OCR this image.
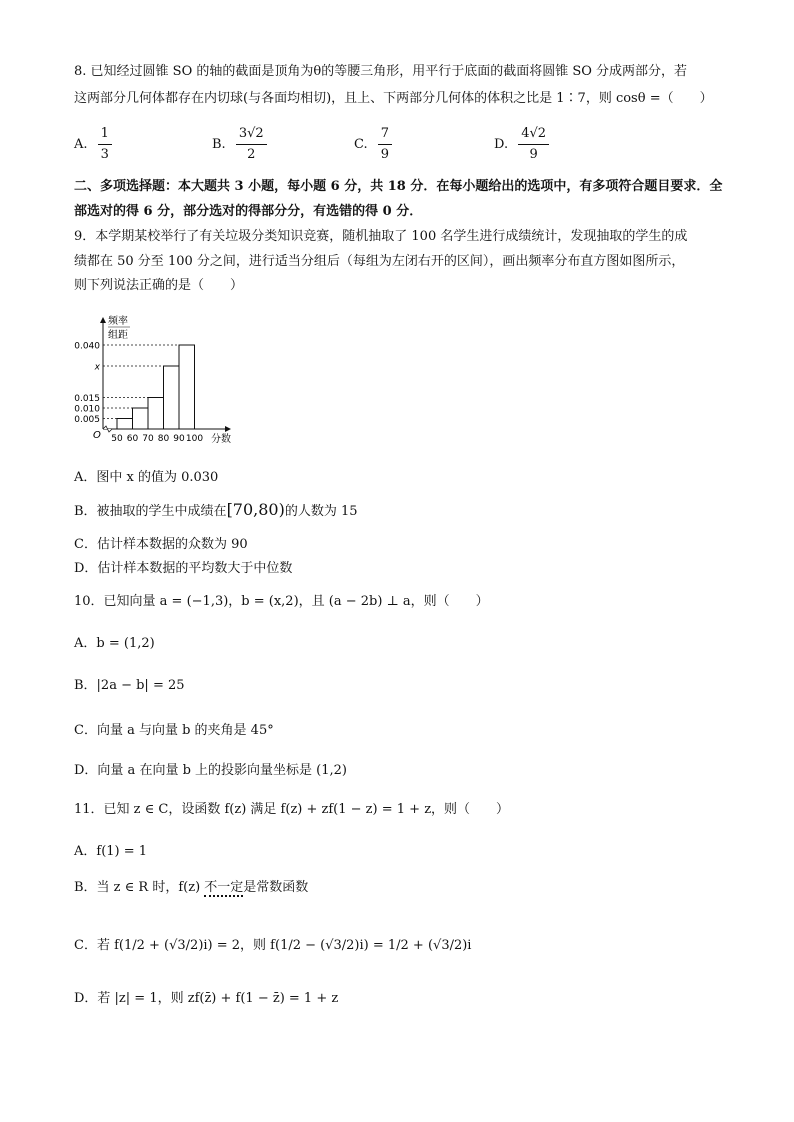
8. 已知经过圆锥 SO 的轴的截面是顶角为θ的等腰三角形，用平行于底面的截面将圆锥 SO 分成两部分，若
这两部分几何体都存在内切球(与各面均相切)，且上、下两部分几何体的体积之比是 1∶7，则 cosθ =（　　）
A. $\frac{1}{3}$	B. $\frac{3√2}{2}$	C. $\frac{7}{9}$	D. $\frac{4√2}{9}$
二、多项选择题：本大题共 3 小题，每小题 6 分，共 18 分．在每小题给出的选项中，有多项符合题目要求．全
部选对的得 6 分，部分选对的得部分分，有选错的得 0 分．
9．本学期某校举行了有关垃圾分类知识竞赛，随机抽取了 100 名学生进行成绩统计，发现抽取的学生的成
绩都在 50 分至 100 分之间，进行适当分组后（每组为左闭右开的区间），画出频率分布直方图如图所示，
则下列说法正确的是（　　）
频率
组距
0.040
x
0.015
0.010
0.005
50 60 70 80 90 100
O	分数
A．图中 x 的值为 0.030
B．被抽取的学生中成绩在[70,80)的人数为 15
C．估计样本数据的众数为 90
D．估计样本数据的平均数大于中位数
10．已知向量 a = (−1,3)，b = (x,2)，且 (a − 2b) ⊥ a，则（　　）
A．b = (1,2)
B．|2a − b| = 25
C．向量 a 与向量 b 的夹角是 45°
D．向量 a 在向量 b 上的投影向量坐标是 (1,2)
11．已知 z ∈ C，设函数 f(z) 满足 f(z) + zf(1 − z) = 1 + z，则（　　）
A．f(1) = 1
B．当 z ∈ R 时，f(z) 不一定是常数函数
C．若 f(1/2 + (√3/2)i) = 2，则 f(1/2 − (√3/2)i) = 1/2 + (√3/2)i
D．若 |z| = 1，则 zf(z̄) + f(1 − z̄) = 1 + z
